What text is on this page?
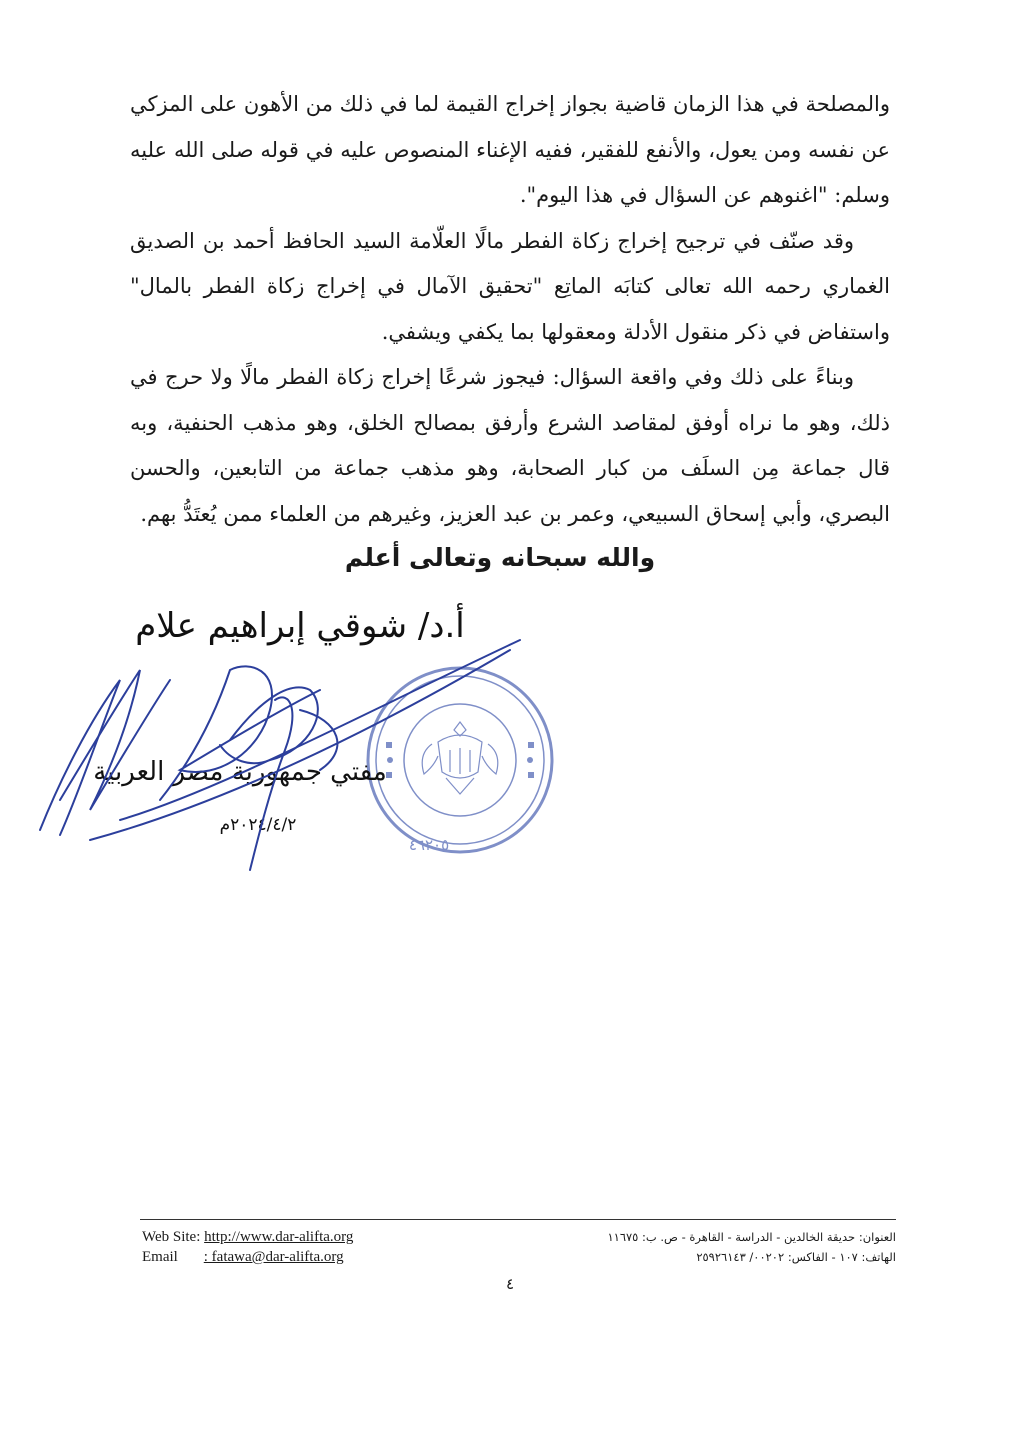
والمصلحة في هذا الزمان قاضية بجواز إخراج القيمة لما في ذلك من الأهون على المزكي عن نفسه ومن يعول، والأنفع للفقير، ففيه الإغناء المنصوص عليه في قوله صلى الله عليه وسلم: "اغنوهم عن السؤال في هذا اليوم".

وقد صنّف في ترجيح إخراج زكاة الفطر مالًا العلّامة السيد الحافظ أحمد بن الصديق الغماري رحمه الله تعالى كتابَه الماتِع "تحقيق الآمال في إخراج زكاة الفطر بالمال" واستفاض في ذكر منقول الأدلة ومعقولها بما يكفي ويشفي.

وبناءً على ذلك وفي واقعة السؤال: فيجوز شرعًا إخراج زكاة الفطر مالًا ولا حرج في ذلك، وهو ما نراه أوفق لمقاصد الشرع وأرفق بمصالح الخلق، وهو مذهب الحنفية، وبه قال جماعة مِن السلَف من كبار الصحابة، وهو مذهب جماعة من التابعين، والحسن البصري، وأبي إسحاق السبيعي، وعمر بن عبد العزيز، وغيرهم من العلماء ممن يُعتَدُّ بهم.

والله سبحانه وتعالى أعلم
٤٦٢٠٥
أ.د/ شوقي إبراهيم علام
مفتي جمهورية مصر العربية
٢٠٢٤/٤/٢م
Web Site: http://www.dar-alifta.org
Email : fatawa@dar-alifta.org
العنوان: حديقة الخالدين - الدراسة - القاهرة - ص. ب: ١١٦٧٥
الهاتف: ١٠٧ - الفاكس: ٠٠٢٠٢/ ٢٥٩٢٦١٤٣
٤
